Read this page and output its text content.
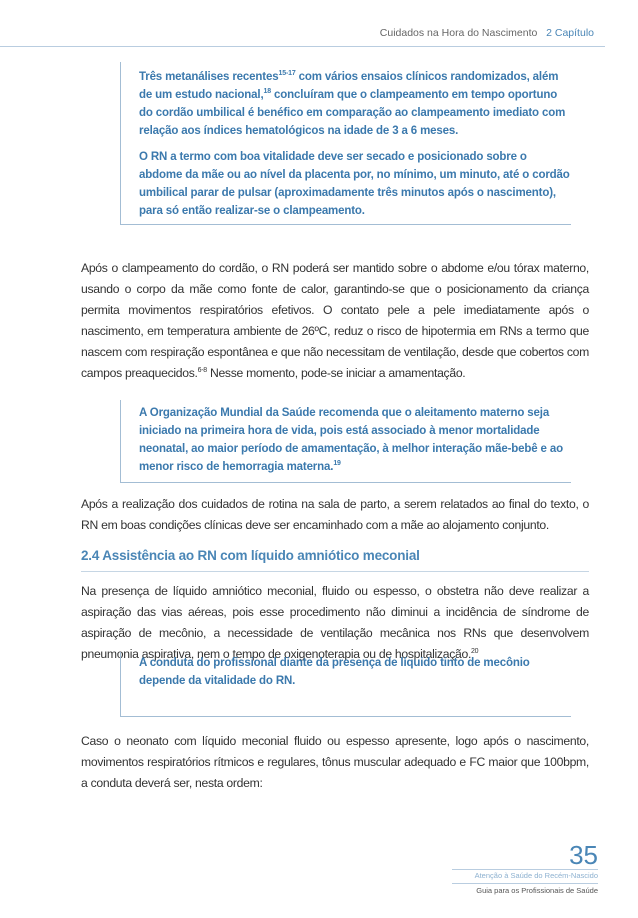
Cuidados na Hora do Nascimento 2 Capítulo

Três metanálises recentes$^{15-17}$ com vários ensaios clínicos randomizados, além de um estudo nacional,$^{18}$ concluíram que o clampeamento em tempo oportuno do cordão umbilical é benéfico em comparação ao clampeamento imediato com relação aos índices hematológicos na idade de 3 a 6 meses.

O RN a termo com boa vitalidade deve ser secado e posicionado sobre o abdome da mãe ou ao nível da placenta por, no mínimo, um minuto, até o cordão umbilical parar de pulsar (aproximadamente três minutos após o nascimento), para só então realizar-se o clampeamento.

Após o clampeamento do cordão, o RN poderá ser mantido sobre o abdome e/ou tórax materno, usando o corpo da mãe como fonte de calor, garantindo-se que o posicionamento da criança permita movimentos respiratórios efetivos. O contato pele a pele imediatamente após o nascimento, em temperatura ambiente de 26ºC, reduz o risco de hipotermia em RNs a termo que nascem com respiração espontânea e que não necessitam de ventilação, desde que cobertos com campos preaquecidos.$^{6-8}$ Nesse momento, pode-se iniciar a amamentação.

A Organização Mundial da Saúde recomenda que o aleitamento materno seja iniciado na primeira hora de vida, pois está associado à menor mortalidade neonatal, ao maior período de amamentação, à melhor interação mãe-bebê e ao menor risco de hemorragia materna.$^{19}$

Após a realização dos cuidados de rotina na sala de parto, a serem relatados ao final do texto, o RN em boas condições clínicas deve ser encaminhado com a mãe ao alojamento conjunto.

2.4 Assistência ao RN com líquido amniótico meconial

Na presença de líquido amniótico meconial, fluido ou espesso, o obstetra não deve realizar a aspiração das vias aéreas, pois esse procedimento não diminui a incidência de síndrome de aspiração de mecônio, a necessidade de ventilação mecânica nos RNs que desenvolvem pneumonia aspirativa, nem o tempo de oxigenoterapia ou de hospitalização.$^{20}$

A conduta do profissional diante da presença de líquido tinto de mecônio depende da vitalidade do RN.

Caso o neonato com líquido meconial fluido ou espesso apresente, logo após o nascimento, movimentos respiratórios rítmicos e regulares, tônus muscular adequado e FC maior que 100bpm, a conduta deverá ser, nesta ordem:

35
Atenção à Saúde do Recém-Nascido
Guia para os Profissionais de Saúde
